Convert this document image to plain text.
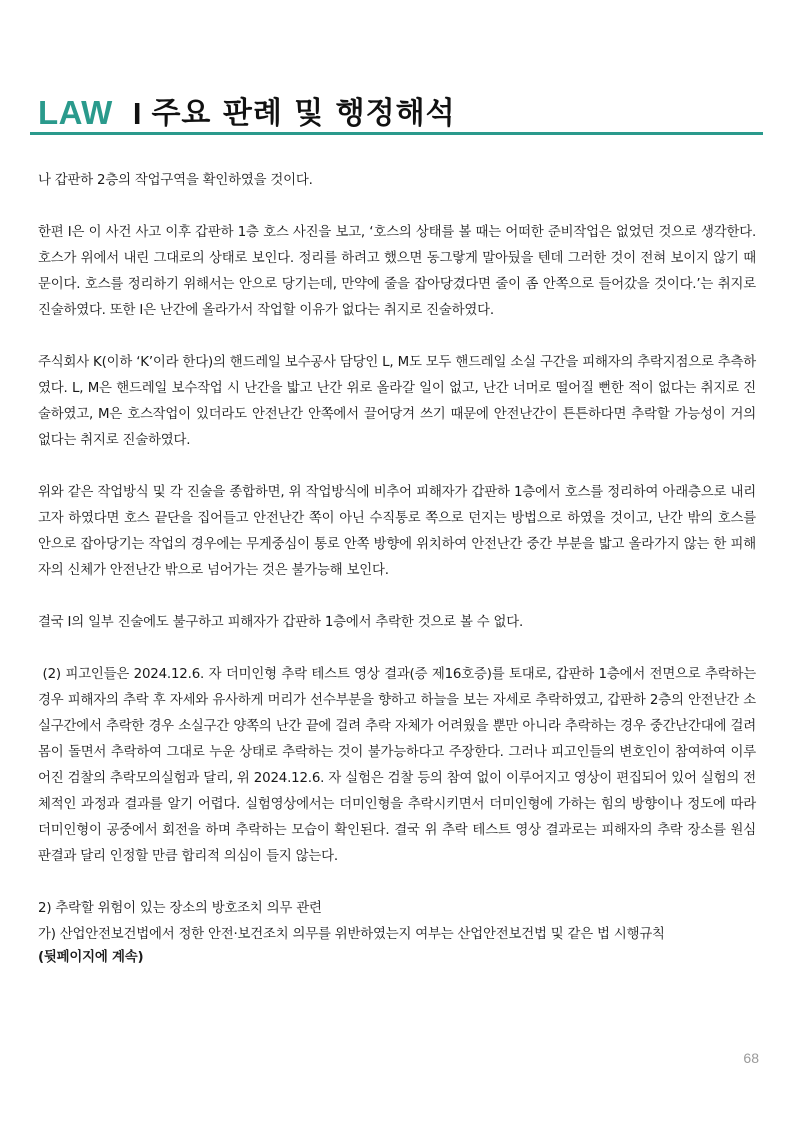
LAW I 주요 판례 및 행정해석

나 갑판하 2층의 작업구역을 확인하였을 것이다.

한편 I은 이 사건 사고 이후 갑판하 1층 호스 사진을 보고, ‘호스의 상태를 볼 때는 어떠한 준비작업은 없었던 것으로 생각한다. 호스가 위에서 내린 그대로의 상태로 보인다. 정리를 하려고 했으면 동그랗게 말아뒀을 텐데 그러한 것이 전혀 보이지 않기 때문이다. 호스를 정리하기 위해서는 안으로 당기는데, 만약에 줄을 잡아당겼다면 줄이 좀 안쪽으로 들어갔을 것이다.’는 취지로 진술하였다. 또한 I은 난간에 올라가서 작업할 이유가 없다는 취지로 진술하였다.

주식회사 K(이하 ‘K’이라 한다)의 핸드레일 보수공사 담당인 L, M도 모두 핸드레일 소실 구간을 피해자의 추락지점으로 추측하였다. L, M은 핸드레일 보수작업 시 난간을 밟고 난간 위로 올라갈 일이 없고, 난간 너머로 떨어질 뻔한 적이 없다는 취지로 진술하였고, M은 호스작업이 있더라도 안전난간 안쪽에서 끌어당겨 쓰기 때문에 안전난간이 튼튼하다면 추락할 가능성이 거의 없다는 취지로 진술하였다.

위와 같은 작업방식 및 각 진술을 종합하면, 위 작업방식에 비추어 피해자가 갑판하 1층에서 호스를 정리하여 아래층으로 내리고자 하였다면 호스 끝단을 집어들고 안전난간 쪽이 아닌 수직통로 쪽으로 던지는 방법으로 하였을 것이고, 난간 밖의 호스를 안으로 잡아당기는 작업의 경우에는 무게중심이 통로 안쪽 방향에 위치하여 안전난간 중간 부분을 밟고 올라가지 않는 한 피해자의 신체가 안전난간 밖으로 넘어가는 것은 불가능해 보인다.

결국 I의 일부 진술에도 불구하고 피해자가 갑판하 1층에서 추락한 것으로 볼 수 없다.

(2) 피고인들은 2024.12.6. 자 더미인형 추락 테스트 영상 결과(증 제16호증)를 토대로, 갑판하 1층에서 전면으로 추락하는 경우 피해자의 추락 후 자세와 유사하게 머리가 선수부분을 향하고 하늘을 보는 자세로 추락하였고, 갑판하 2층의 안전난간 소실구간에서 추락한 경우 소실구간 양쪽의 난간 끝에 걸려 추락 자체가 어려웠을 뿐만 아니라 추락하는 경우 중간난간대에 걸려 몸이 돌면서 추락하여 그대로 누운 상태로 추락하는 것이 불가능하다고 주장한다. 그러나 피고인들의 변호인이 참여하여 이루어진 검찰의 추락모의실험과 달리, 위 2024.12.6. 자 실험은 검찰 등의 참여 없이 이루어지고 영상이 편집되어 있어 실험의 전체적인 과정과 결과를 알기 어렵다. 실험영상에서는 더미인형을 추락시키면서 더미인형에 가하는 힘의 방향이나 정도에 따라 더미인형이 공중에서 회전을 하며 추락하는 모습이 확인된다. 결국 위 추락 테스트 영상 결과로는 피해자의 추락 장소를 원심 판결과 달리 인정할 만큼 합리적 의심이 들지 않는다.

2) 추락할 위험이 있는 장소의 방호조치 의무 관련

가) 산업안전보건법에서 정한 안전·보건조치 의무를 위반하였는지 여부는 산업안전보건법 및 같은 법 시행규칙

(뒷페이지에 계속)

68
